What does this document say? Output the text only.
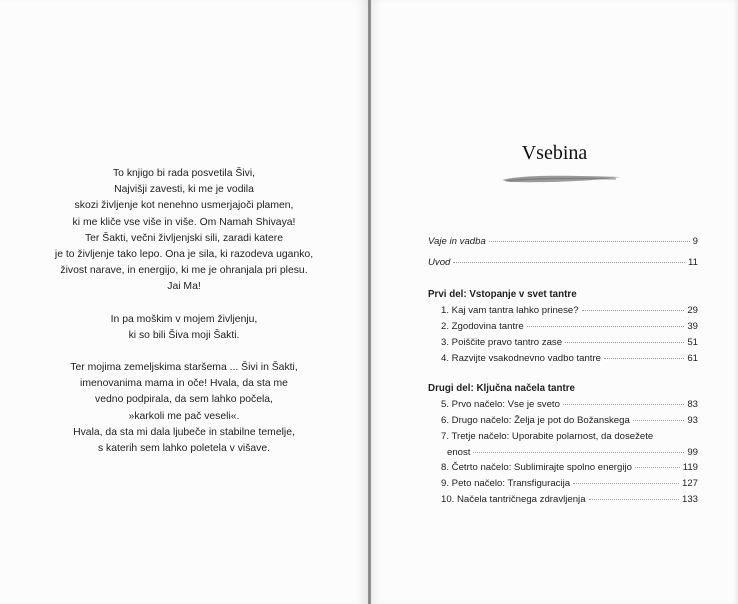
To knjigo bi rada posvetila Šivi,
Najvišji zavesti, ki me je vodila
skozi življenje kot nenehno usmerjajoči plamen,
ki me kliče vse više in više. Om Namah Shivaya!
Ter Šakti, večni življenjski sili, zaradi katere
je to življenje tako lepo. Ona je sila, ki razodeva uganko,
živost narave, in energijo, ki me je ohranjala pri plesu.
Jai Ma!
In pa moškim v mojem življenju,
ki so bili Šiva moji Šakti.
Ter mojima zemeljskima staršema ... Šivi in Šakti,
imenovanima mama in oče! Hvala, da sta me
vedno podpirala, da sem lahko počela,
»karkoli me pač veseli«.
Hvala, da sta mi dala ljubeče in stabilne temelje,
s katerih sem lahko poletela v višave.
Vsebina
Vaje in vadba	9
Uvod	11
Prvi del: Vstopanje v svet tantre
1. Kaj vam tantra lahko prinese?	29
2. Zgodovina tantre	39
3. Poiščite pravo tantro zase	51
4. Razvijte vsakodnevno vadbo tantre	61
Drugi del: Ključna načela tantre
5. Prvo načelo: Vse je sveto	83
6. Drugo načelo: Želja je pot do Božanskega	93
7. Tretje načelo: Uporabite polarnost, da dosežete
enost	99
8. Četrto načelo: Sublimirajte spolno energijo	119
9. Peto načelo: Transfiguracija	127
10. Načela tantričnega zdravljenja	133
